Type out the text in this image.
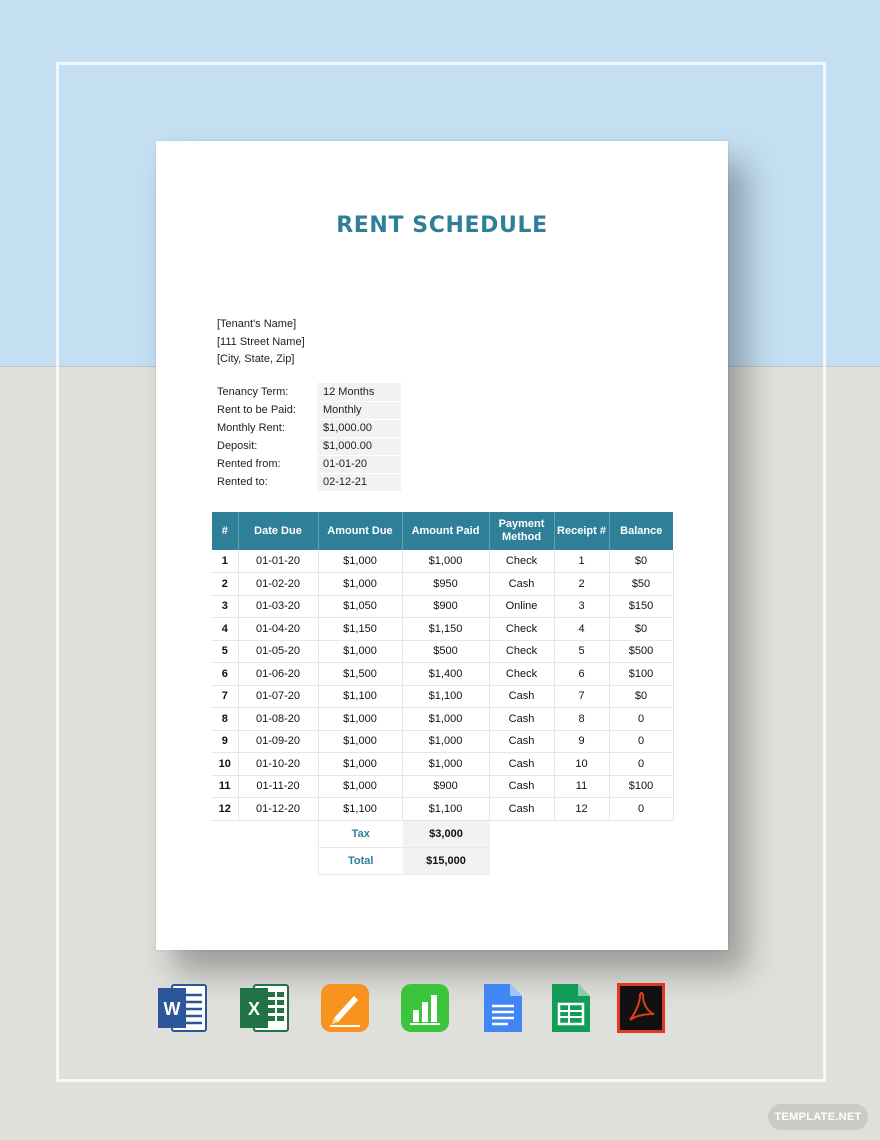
RENT SCHEDULE
[Tenant's Name]
[111 Street Name]
[City, State, Zip]
Tenancy Term:	12 Months
Rent to be Paid:	Monthly
Monthly Rent:	$1,000.00
Deposit:	$1,000.00
Rented from:	01-01-20
Rented to:	02-12-21
#	Date Due	Amount Due	Amount Paid	Payment Method	Receipt #	Balance
1	01-01-20	$1,000	$1,000	Check	1	$0
2	01-02-20	$1,000	$950	Cash	2	$50
3	01-03-20	$1,050	$900	Online	3	$150
4	01-04-20	$1,150	$1,150	Check	4	$0
5	01-05-20	$1,000	$500	Check	5	$500
6	01-06-20	$1,500	$1,400	Check	6	$100
7	01-07-20	$1,100	$1,100	Cash	7	$0
8	01-08-20	$1,000	$1,000	Cash	8	0
9	01-09-20	$1,000	$1,000	Cash	9	0
10	01-10-20	$1,000	$1,000	Cash	10	0
11	01-11-20	$1,000	$900	Cash	11	$100
12	01-12-20	$1,100	$1,100	Cash	12	0
Tax	$3,000
Total	$15,000
W	X
TEMPLATE.NET
